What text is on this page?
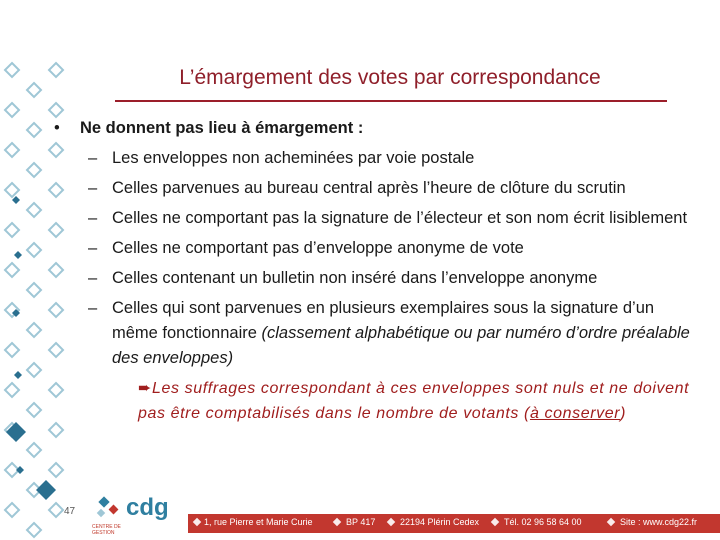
L’émargement des votes par correspondance
• Ne donnent pas lieu à émargement :
– Les enveloppes non acheminées par voie postale
– Celles parvenues au bureau central après l’heure de clôture du scrutin
– Celles ne comportant pas la signature de l’électeur et son nom écrit lisiblement
– Celles ne comportant pas d’enveloppe anonyme de vote
– Celles contenant un bulletin non inséré dans l’enveloppe anonyme
– Celles qui sont parvenues en plusieurs exemplaires sous la signature d’un même fonctionnaire (classement alphabétique ou par numéro d’ordre préalable des enveloppes)
➨Les suffrages correspondant à ces enveloppes sont nuls et ne doivent pas être comptabilisés dans le nombre de votants (à conserver)
47 cdg
CENTRE DE GESTION
1, rue Pierre et Marie Curie	BP 417	22194 Plérin Cedex	Tél. 02 96 58 64 00	Site : www.cdg22.fr
